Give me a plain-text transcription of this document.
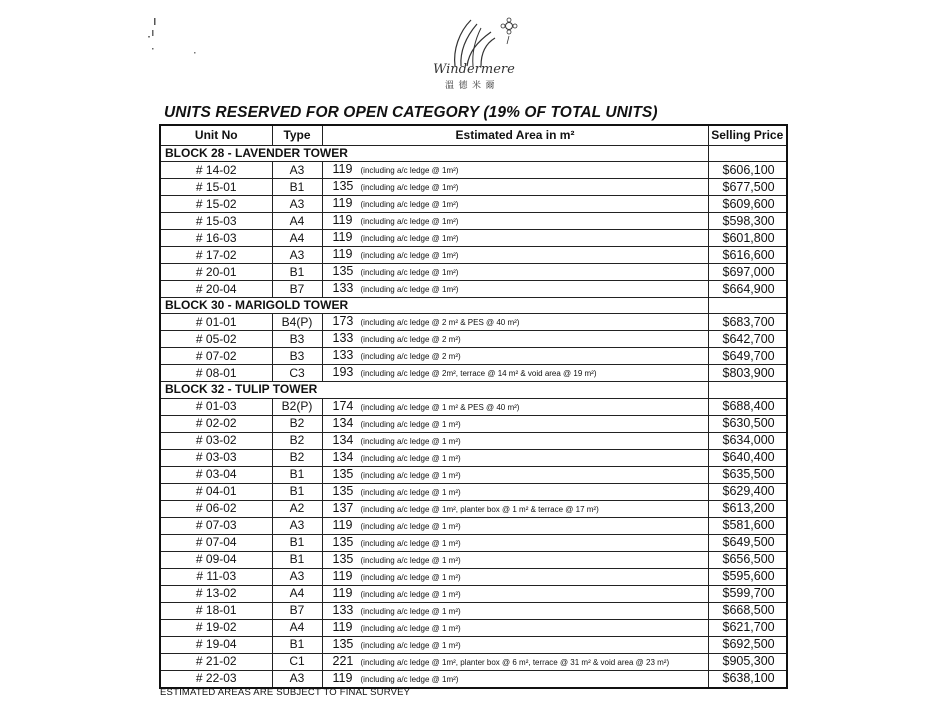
Windermere
溫 德 米 爾
UNITS RESERVED FOR OPEN CATEGORY (19% OF TOTAL UNITS)
Unit No	Type	Estimated Area in m²	Selling Price
BLOCK 28 - LAVENDER TOWER			
# 14-02	A3	119 (including a/c ledge @ 1m²)	$606,100
# 15-01	B1	135 (including a/c ledge @ 1m²)	$677,500
# 15-02	A3	119 (including a/c ledge @ 1m²)	$609,600
# 15-03	A4	119 (including a/c ledge @ 1m²)	$598,300
# 16-03	A4	119 (including a/c ledge @ 1m²)	$601,800
# 17-02	A3	119 (including a/c ledge @ 1m²)	$616,600
# 20-01	B1	135 (including a/c ledge @ 1m²)	$697,000
# 20-04	B7	133 (including a/c ledge @ 1m²)	$664,900
BLOCK 30 - MARIGOLD TOWER			
# 01-01	B4(P)	173 (including a/c ledge @ 2 m² & PES @ 40 m²)	$683,700
# 05-02	B3	133 (including a/c ledge @ 2 m²)	$642,700
# 07-02	B3	133 (including a/c ledge @ 2 m²)	$649,700
# 08-01	C3	193 (including a/c ledge @ 2m², terrace @ 14 m² & void area @ 19 m²)	$803,900
BLOCK 32 - TULIP TOWER			
# 01-03	B2(P)	174 (including a/c ledge @ 1 m² & PES @ 40 m²)	$688,400
# 02-02	B2	134 (including a/c ledge @ 1 m²)	$630,500
# 03-02	B2	134 (including a/c ledge @ 1 m²)	$634,000
# 03-03	B2	134 (including a/c ledge @ 1 m²)	$640,400
# 03-04	B1	135 (including a/c ledge @ 1 m²)	$635,500
# 04-01	B1	135 (including a/c ledge @ 1 m²)	$629,400
# 06-02	A2	137 (including a/c ledge @ 1m², planter box @ 1 m² & terrace @ 17 m²)	$613,200
# 07-03	A3	119 (including a/c ledge @ 1 m²)	$581,600
# 07-04	B1	135 (including a/c ledge @ 1 m²)	$649,500
# 09-04	B1	135 (including a/c ledge @ 1 m²)	$656,500
# 11-03	A3	119 (including a/c ledge @ 1 m²)	$595,600
# 13-02	A4	119 (including a/c ledge @ 1 m²)	$599,700
# 18-01	B7	133 (including a/c ledge @ 1 m²)	$668,500
# 19-02	A4	119 (including a/c ledge @ 1 m²)	$621,700
# 19-04	B1	135 (including a/c ledge @ 1 m²)	$692,500
# 21-02	C1	221 (including a/c ledge @ 1m², planter box @ 6 m², terrace @ 31 m² & void area @ 23 m²)	$905,300
# 22-03	A3	119 (including a/c ledge @ 1m²)	$638,100
ESTIMATED AREAS ARE SUBJECT TO FINAL SURVEY
